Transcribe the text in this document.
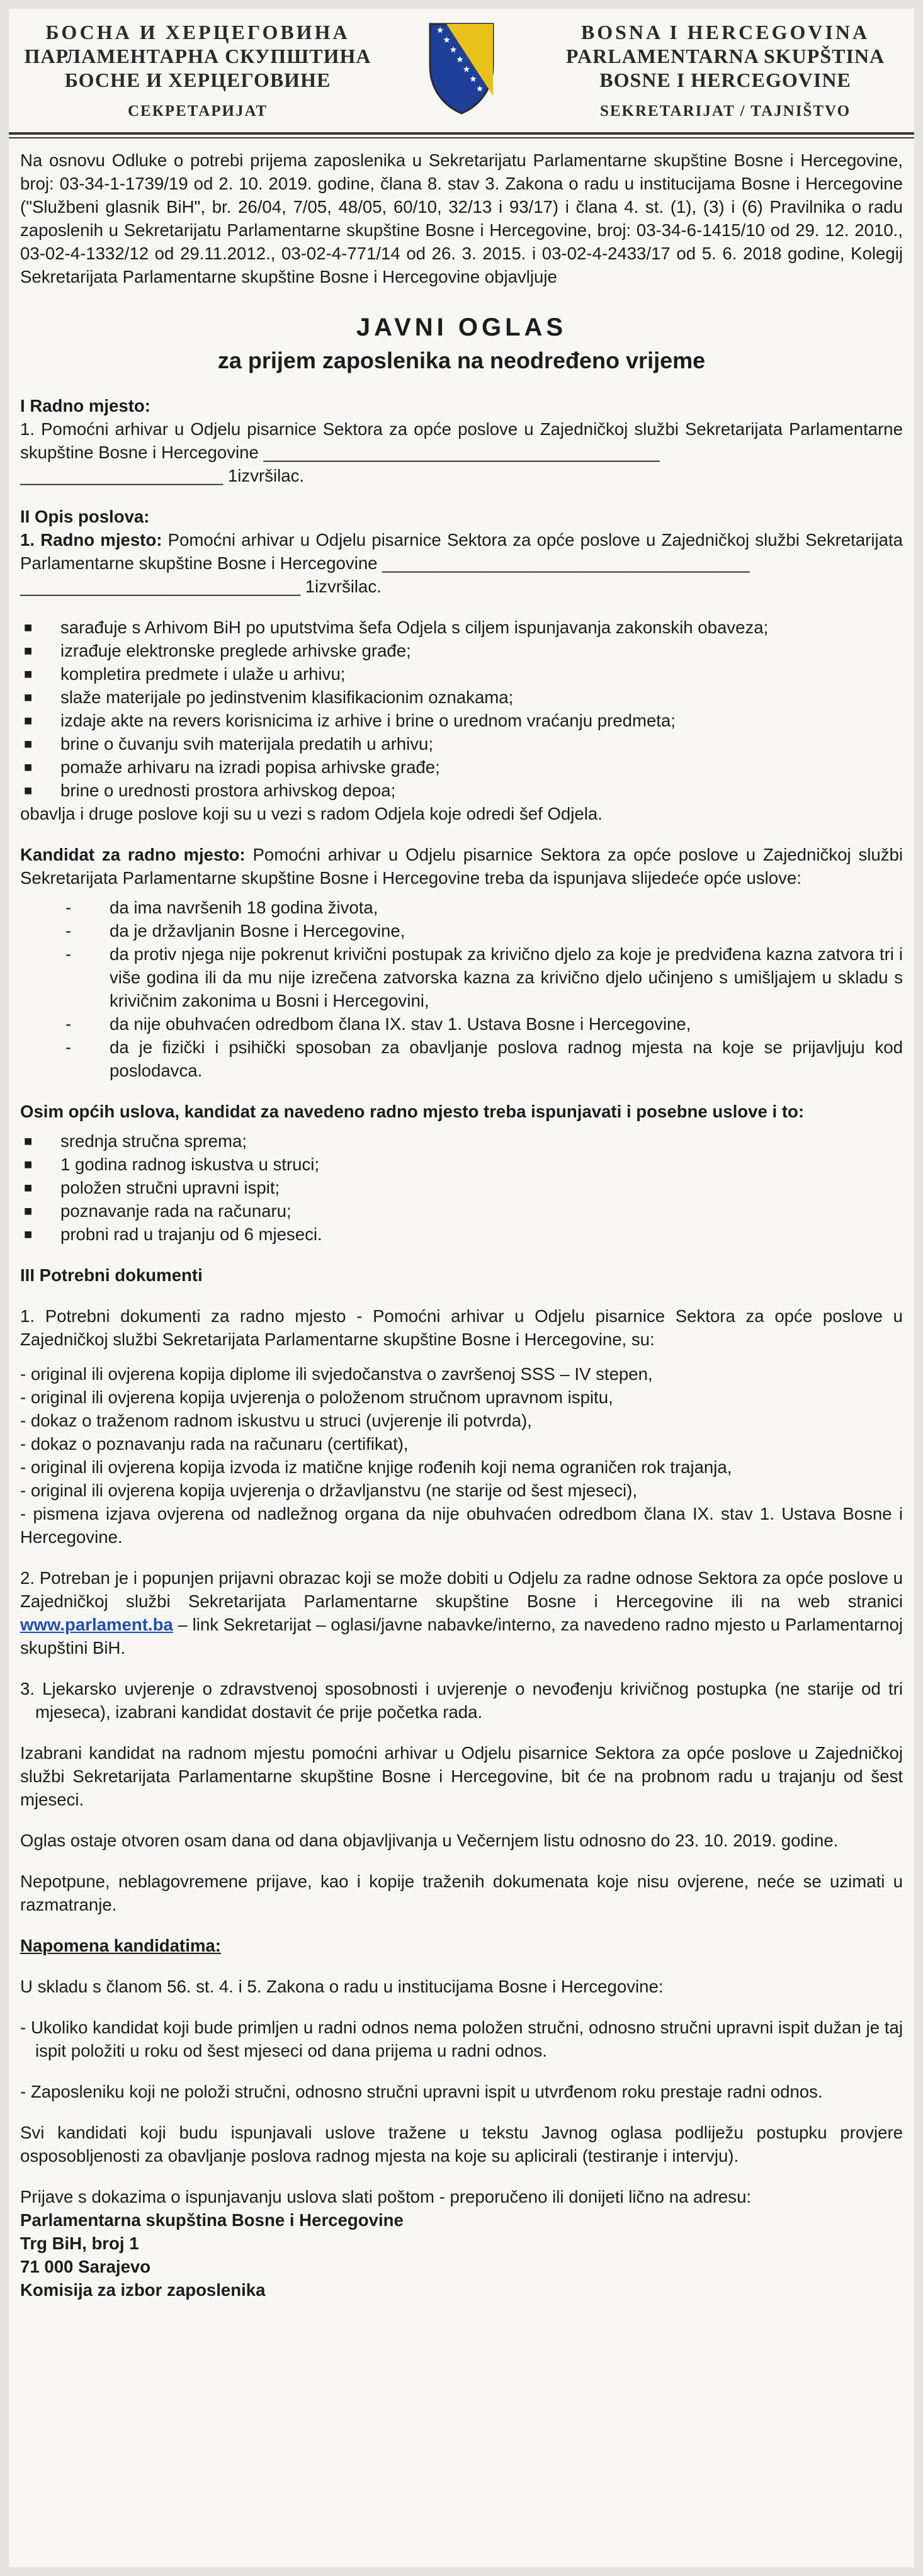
БОСНА И ХЕРЦЕГОВИНА
ПАРЛАМЕНТАРНА СКУПШТИНА
БОСНЕ И ХЕРЦЕГОВИНЕ
СЕКРЕТАРИЈАТ
BOSNA I HERCEGOVINA
PARLAMENTARNA SKUPŠTINA
BOSNE I HERCEGOVINE
SEKRETARIJAT / TAJNIŠTVO

Na osnovu Odluke o potrebi prijema zaposlenika u Sekretarijatu Parlamentarne skupštine Bosne i Hercegovine, broj: 03-34-1-1739/19 od 2. 10. 2019. godine, člana 8. stav 3. Zakona o radu u institucijama Bosne i Hercegovine ("Službeni glasnik BiH", br. 26/04, 7/05, 48/05, 60/10, 32/13 i 93/17) i člana 4. st. (1), (3) i (6) Pravilnika o radu zaposlenih u Sekretarijatu Parlamentarne skupštine Bosne i Hercegovine, broj: 03-34-6-1415/10 od 29. 12. 2010., 03-02-4-1332/12 od 29.11.2012., 03-02-4-771/14 od 26. 3. 2015. i 03-02-4-2433/17 od 5. 6. 2018 godine, Kolegij Sekretarijata Parlamentarne skupštine Bosne i Hercegovine objavljuje

JAVNI OGLAS

za prijem zaposlenika na neodređeno vrijeme

I Radno mjesto:

1. Pomoćni arhivar u Odjelu pisarnice Sektora za opće poslove u Zajedničkoj službi Sekretarijata Parlamentarne skupštine Bosne i Hercegovine _________________________________________

_____________________ 1izvršilac.

II Opis poslova:

1. Radno mjesto: Pomoćni arhivar u Odjelu pisarnice Sektora za opće poslove u Zajedničkoj službi Sekretarijata Parlamentarne skupštine Bosne i Hercegovine ______________________________________

_____________________________ 1izvršilac.

■ sarađuje s Arhivom BiH po uputstvima šefa Odjela s ciljem ispunjavanja zakonskih obaveza;
■ izrađuje elektronske preglede arhivske građe;
■ kompletira predmete i ulaže u arhivu;
■ slaže materijale po jedinstvenim klasifikacionim oznakama;
■ izdaje akte na revers korisnicima iz arhive i brine o urednom vraćanju predmeta;
■ brine o čuvanju svih materijala predatih u arhivu;
■ pomaže arhivaru na izradi popisa arhivske građe;
■ brine o urednosti prostora arhivskog depoa;

obavlja i druge poslove koji su u vezi s radom Odjela koje odredi šef Odjela.

Kandidat za radno mjesto: Pomoćni arhivar u Odjelu pisarnice Sektora za opće poslove u Zajedničkoj službi Sekretarijata Parlamentarne skupštine Bosne i Hercegovine treba da ispunjava slijedeće opće uslove:

- da ima navršenih 18 godina života,
- da je državljanin Bosne i Hercegovine,
- da protiv njega nije pokrenut krivični postupak za krivično djelo za koje je predviđena kazna zatvora tri i više godina ili da mu nije izrečena zatvorska kazna za krivično djelo učinjeno s umišljajem u skladu s krivičnim zakonima u Bosni i Hercegovini,
- da nije obuhvaćen odredbom člana IX. stav 1. Ustava Bosne i Hercegovine,
- da je fizički i psihički sposoban za obavljanje poslova radnog mjesta na koje se prijavljuju kod poslodavca.

Osim općih uslova, kandidat za navedeno radno mjesto treba ispunjavati i posebne uslove i to:

■ srednja stručna sprema;
■ 1 godina radnog iskustva u struci;
■ položen stručni upravni ispit;
■ poznavanje rada na računaru;
■ probni rad u trajanju od 6 mjeseci.

III Potrebni dokumenti

1. Potrebni dokumenti za radno mjesto - Pomoćni arhivar u Odjelu pisarnice Sektora za opće poslove u Zajedničkoj službi Sekretarijata Parlamentarne skupštine Bosne i Hercegovine, su:

- original ili ovjerena kopija diplome ili svjedočanstva o završenoj SSS – IV stepen,

- original ili ovjerena kopija uvjerenja o položenom stručnom upravnom ispitu,

- dokaz o traženom radnom iskustvu u struci (uvjerenje ili potvrda),

- dokaz o poznavanju rada na računaru (certifikat),

- original ili ovjerena kopija izvoda iz matične knjige rođenih koji nema ograničen rok trajanja,

- original ili ovjerena kopija uvjerenja o državljanstvu (ne starije od šest mjeseci),

- pismena izjava ovjerena od nadležnog organa da nije obuhvaćen odredbom člana IX. stav 1. Ustava Bosne i Hercegovine.

2. Potreban je i popunjen prijavni obrazac koji se može dobiti u Odjelu za radne odnose Sektora za opće poslove u Zajedničkoj službi Sekretarijata Parlamentarne skupštine Bosne i Hercegovine ili na web stranici www.parlament.ba – link Sekretarijat – oglasi/javne nabavke/interno, za navedeno radno mjesto u Parlamentarnoj skupštini BiH.

3. Ljekarsko uvjerenje o zdravstvenoj sposobnosti i uvjerenje o nevođenju krivičnog postupka (ne starije od tri mjeseca), izabrani kandidat dostavit će prije početka rada.

Izabrani kandidat na radnom mjestu pomoćni arhivar u Odjelu pisarnice Sektora za opće poslove u Zajedničkoj službi Sekretarijata Parlamentarne skupštine Bosne i Hercegovine, bit će na probnom radu u trajanju od šest mjeseci.

Oglas ostaje otvoren osam dana od dana objavljivanja u Večernjem listu odnosno do 23. 10. 2019. godine.

Nepotpune, neblagovremene prijave, kao i kopije traženih dokumenata koje nisu ovjerene, neće se uzimati u razmatranje.

Napomena kandidatima:

U skladu s članom 56. st. 4. i 5. Zakona o radu u institucijama Bosne i Hercegovine:

- Ukoliko kandidat koji bude primljen u radni odnos nema položen stručni, odnosno stručni upravni ispit dužan je taj ispit položiti u roku od šest mjeseci od dana prijema u radni odnos.

- Zaposleniku koji ne položi stručni, odnosno stručni upravni ispit u utvrđenom roku prestaje radni odnos.

Svi kandidati koji budu ispunjavali uslove tražene u tekstu Javnog oglasa podliježu postupku provjere osposobljenosti za obavljanje poslova radnog mjesta na koje su aplicirali (testiranje i intervju).

Prijave s dokazima o ispunjavanju uslova slati poštom - preporučeno ili donijeti lično na adresu:

Parlamentarna skupština Bosne i Hercegovine

Trg BiH, broj 1

71 000 Sarajevo

Komisija za izbor zaposlenika
